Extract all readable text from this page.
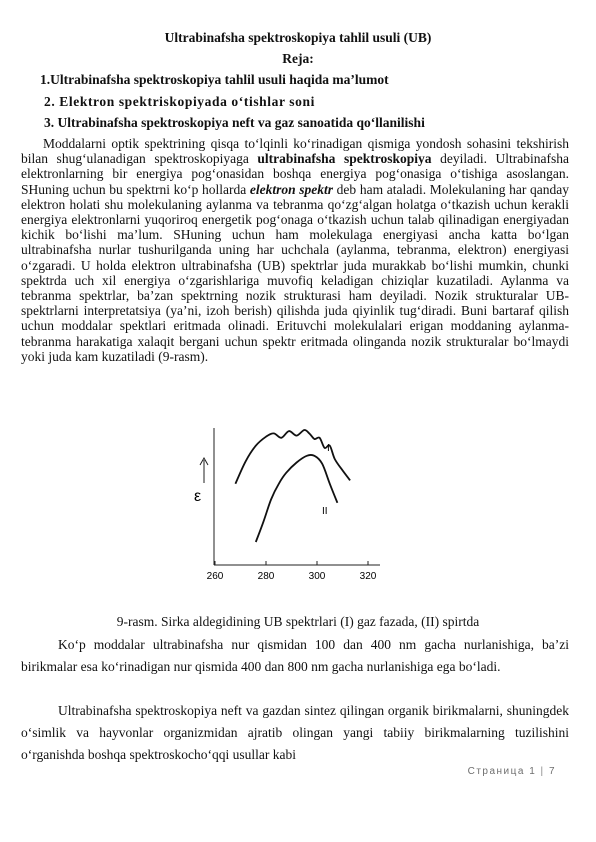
Ultrabinafsha spektroskopiya tahlil usuli (UB)
Reja:
1.Ultrabinafsha spektroskopiya tahlil usuli haqida ma’lumot
2. Elektron spektriskopiyada o‘tishlar soni
3. Ultrabinafsha spektroskopiya neft va gaz sanoatida qo‘llanilishi

Moddalarni optik spektrining qisqa to‘lqinli ko‘rinadigan qismiga yondosh sohasini tekshirish bilan shug‘ulanadigan spektroskopiyaga ultrabinafsha spektroskopiya deyiladi. Ultrabinafsha elektronlarning bir energiya pog‘onasidan boshqa energiya pog‘onasiga o‘tishiga asoslangan. SHuning uchun bu spektrni ko‘p hollarda elektron spektr deb ham ataladi. Molekulaning har qanday elektron holati shu molekulaning aylanma va tebranma qo‘zg‘algan holatga o‘tkazish uchun kerakli energiya elektronlarni yuqoriroq energetik pog‘onaga o‘tkazish uchun talab qilinadigan energiyadan kichik bo‘lishi ma’lum. SHuning uchun ham molekulaga energiyasi ancha katta bo‘lgan ultrabinafsha nurlar tushurilganda uning har uchchala (aylanma, tebranma, elektron) energiyasi o‘zgaradi. U holda elektron ultrabinafsha (UB) spektrlar juda murakkab bo‘lishi mumkin, chunki spektrda uch xil energiya o‘zgarishlariga muvofiq keladigan chiziqlar kuzatiladi. Aylanma va tebranma spektrlar, ba’zan spektrning nozik strukturasi ham deyiladi. Nozik strukturalar UB-spektrlarni interpretatsiya (ya’ni, izoh berish) qilishda juda qiyinlik tug‘diradi. Buni bartaraf qilish uchun moddalar spektlari eritmada olinadi. Erituvchi molekulalari erigan moddaning aylanma-tebranma harakatiga xalaqit bergani uchun spektr eritmada olinganda nozik strukturalar bo‘lmaydi yoki juda kam kuzatiladi (9-rasm).

ε
260	280	300	320
I
II
9-rasm. Sirka aldegidining UB spektrlari (I) gaz fazada, (II) spirtda

Ko‘p moddalar ultrabinafsha nur qismidan 100 dan 400 nm gacha nurlanishiga, ba’zi birikmalar esa ko‘rinadigan nur qismida 400 dan 800 nm gacha nurlanishiga ega bo‘ladi.

Ultrabinafsha spektroskopiya neft va gazdan sintez qilingan organik birikmalarni, shuningdek o‘simlik va hayvonlar organizmidan ajratib olingan yangi tabiiy birikmalarning tuzilishini o‘rganishda boshqa spektroskocho‘qqi usullar kabi

Страница 1 | 7
